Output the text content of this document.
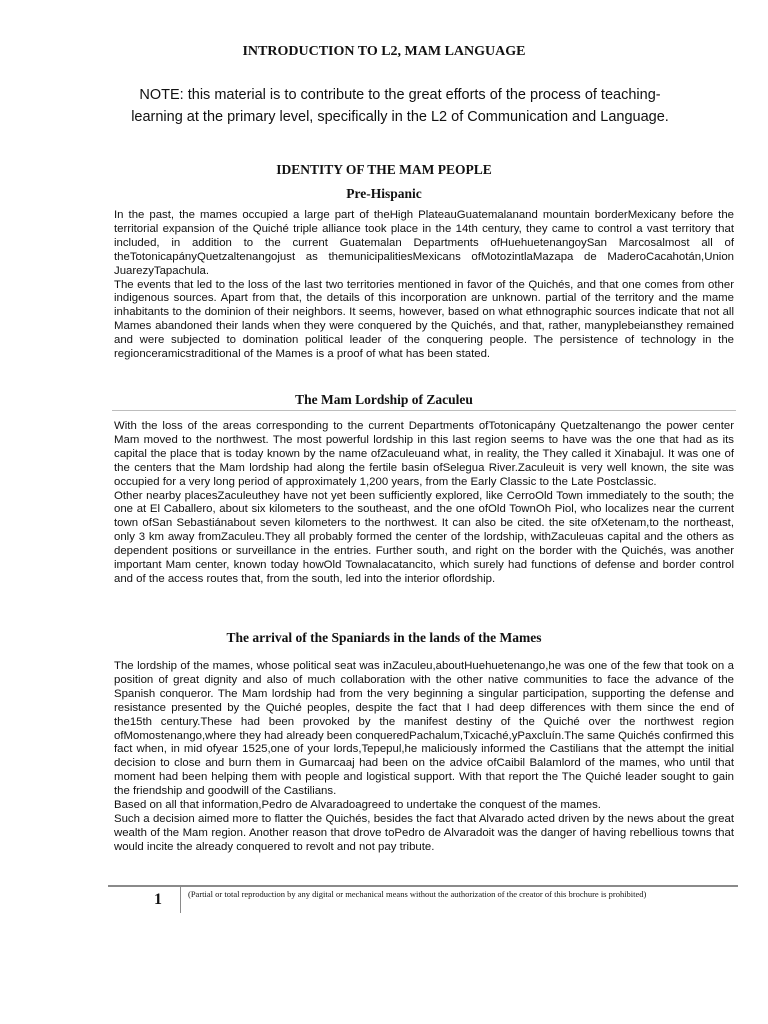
INTRODUCTION TO L2, MAM LANGUAGE
NOTE: this material is to contribute to the great efforts of the process of teaching-learning at the primary level, specifically in the L2 of Communication and Language.
IDENTITY OF THE MAM PEOPLE
Pre-Hispanic

In the past, the mames occupied a large part of theHigh PlateauGuatemalanand mountain borderMexicany before the territorial expansion of the Quiché triple alliance took place in the 14th century, they came to control a vast territory that included, in addition to the current Guatemalan Departments ofHuehuetenangoySan Marcosalmost all of theTotonicapányQuetzaltenangojust as themunicipalitiesMexicans ofMotozintlaMazapa de MaderoCacahotán,Union JuarezyTapachula.

The events that led to the loss of the last two territories mentioned in favor of the Quichés, and that one comes from other indigenous sources. Apart from that, the details of this incorporation are unknown. partial of the territory and the mame inhabitants to the dominion of their neighbors. It seems, however, based on what ethnographic sources indicate that not all Mames abandoned their lands when they were conquered by the Quichés, and that, rather, manyplebeiansthey remained and were subjected to domination political leader of the conquering people. The persistence of technology in the regionceramicstraditional of the Mames is a proof of what has been stated.

The Mam Lordship of Zaculeu

With the loss of the areas corresponding to the current Departments ofTotonicapány Quetzaltenango the power center Mam moved to the northwest. The most powerful lordship in this last region seems to have was the one that had as its capital the place that is today known by the name ofZaculeuand what, in reality, the They called it Xinabajul. It was one of the centers that the Mam lordship had along the fertile basin ofSelegua River.Zaculeuit is very well known, the site was occupied for a very long period of approximately 1,200 years, from the Early Classic to the Late Postclassic.

Other nearby placesZaculeuthey have not yet been sufficiently explored, like CerroOld Town immediately to the south; the one at El Caballero, about six kilometers to the southeast, and the one ofOld TownOh Piol, who localizes near the current town ofSan Sebastiánabout seven kilometers to the northwest. It can also be cited. the site ofXetenam,to the northeast, only 3 km away fromZaculeu.They all probably formed the center of the lordship, withZaculeuas capital and the others as dependent positions or surveillance in the entries. Further south, and right on the border with the Quichés, was another important Mam center, known today howOld Townalacatancito, which surely had functions of defense and border control and of the access routes that, from the south, led into the interior oflordship.

The arrival of the Spaniards in the lands of the Mames

The lordship of the mames, whose political seat was inZaculeu,aboutHuehuetenango,he was one of the few that took on a position of great dignity and also of much collaboration with the other native communities to face the advance of the Spanish conqueror. The Mam lordship had from the very beginning a singular participation, supporting the defense and resistance presented by the Quiché peoples, despite the fact that I had deep differences with them since the end of the15th century.These had been provoked by the manifest destiny of the Quiché over the northwest region ofMomostenango,where they had already been conqueredPachalum,Txicaché,yPaxcluín.The same Quichés confirmed this fact when, in mid ofyear 1525,one of your lords,Tepepul,he maliciously informed the Castilians that the attempt the initial decision to close and burn them in Gumarcaaj had been on the advice ofCaibil Balamlord of the mames, who until that moment had been helping them with people and logistical support. With that report the The Quiché leader sought to gain the friendship and goodwill of the Castilians.

Based on all that information,Pedro de Alvaradoagreed to undertake the conquest of the mames.

Such a decision aimed more to flatter the Quichés, besides the fact that Alvarado acted driven by the news about the great wealth of the Mam region. Another reason that drove toPedro de Alvaradoit was the danger of having rebellious towns that would incite the already conquered to revolt and not pay tribute.

1	(Partial or total reproduction by any digital or mechanical means without the authorization of the creator of this brochure is prohibited)
